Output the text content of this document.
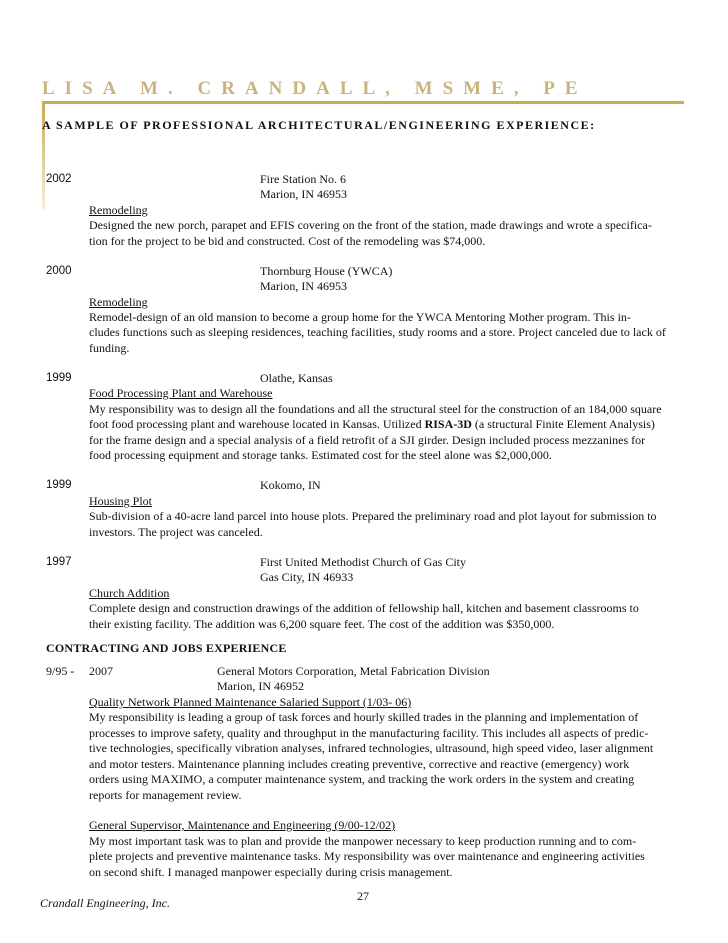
LISA M. CRANDALL, MSME, PE
A SAMPLE OF PROFESSIONAL ARCHITECTURAL/ENGINEERING EXPERIENCE:
2002	Fire Station No. 6
Marion, IN 46953
Remodeling
Designed the new porch, parapet and EFIS covering on the front of the station, made drawings and wrote a specifica-
tion for the project to be bid and constructed. Cost of the remodeling was $74,000.
2000	Thornburg House (YWCA)
Marion, IN 46953
Remodeling
Remodel-design of an old mansion to become a group home for the YWCA Mentoring Mother program. This in-
cludes functions such as sleeping residences, teaching facilities, study rooms and a store. Project canceled due to lack of
funding.
1999	Olathe, Kansas
Food Processing Plant and Warehouse
My responsibility was to design all the foundations and all the structural steel for the construction of an 184,000 square
foot food processing plant and warehouse located in Kansas. Utilized RISA-3D (a structural Finite Element Analysis)
for the frame design and a special analysis of a field retrofit of a SJI girder. Design included process mezzanines for
food processing equipment and storage tanks. Estimated cost for the steel alone was $2,000,000.
1999	Kokomo, IN
Housing Plot
Sub-division of a 40-acre land parcel into house plots. Prepared the preliminary road and plot layout for submission to
investors. The project was canceled.
1997	First United Methodist Church of Gas City
Gas City, IN 46933
Church Addition
Complete design and construction drawings of the addition of fellowship hall, kitchen and basement classrooms to
their existing facility. The addition was 6,200 square feet. The cost of the addition was $350,000.
CONTRACTING AND JOBS EXPERIENCE
9/95 - 2007	General Motors Corporation, Metal Fabrication Division
Marion, IN 46952
Quality Network Planned Maintenance Salaried Support (1/03- 06)
My responsibility is leading a group of task forces and hourly skilled trades in the planning and implementation of
processes to improve safety, quality and throughput in the manufacturing facility. This includes all aspects of predic-
tive technologies, specifically vibration analyses, infrared technologies, ultrasound, high speed video, laser alignment
and motor testers. Maintenance planning includes creating preventive, corrective and reactive (emergency) work
orders using MAXIMO, a computer maintenance system, and tracking the work orders in the system and creating
reports for management review.
General Supervisor, Maintenance and Engineering (9/00-12/02)
My most important task was to plan and provide the manpower necessary to keep production running and to com-
plete projects and preventive maintenance tasks. My responsibility was over maintenance and engineering activities
on second shift. I managed manpower especially during crisis management.
Crandall Engineering, Inc.	27
